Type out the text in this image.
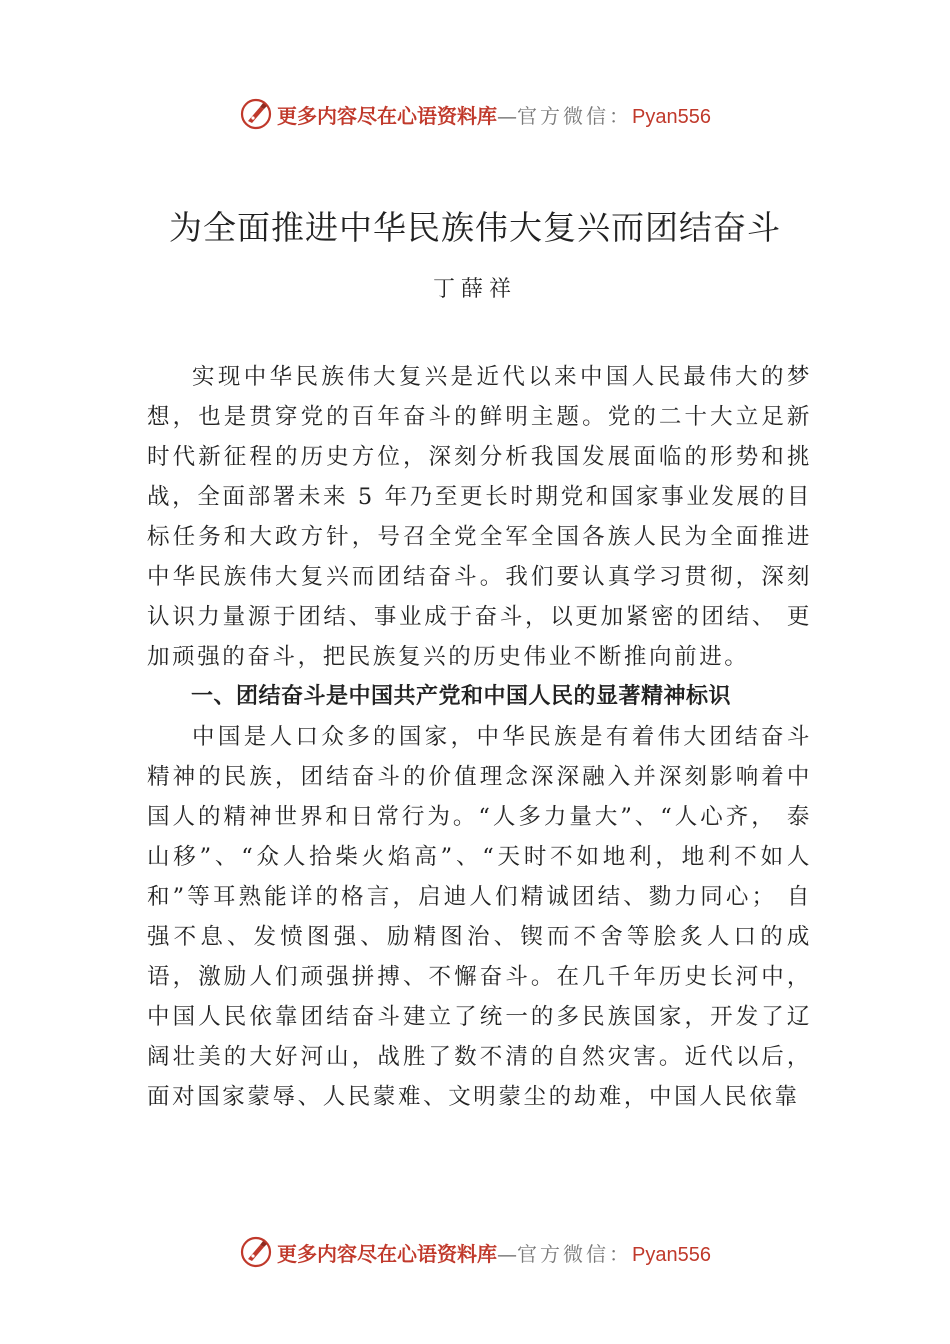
更多内容尽在心语资料库—官方微信：Pyan556
为全面推进中华民族伟大复兴而团结奋斗
丁薛祥

实现中华民族伟大复兴是近代以来中国人民最伟大的梦想，也是贯穿党的百年奋斗的鲜明主题。党的二十大立足新时代新征程的历史方位，深刻分析我国发展面临的形势和挑战，全面部署未来 5 年乃至更长时期党和国家事业发展的目标任务和大政方针，号召全党全军全国各族人民为全面推进中华民族伟大复兴而团结奋斗。我们要认真学习贯彻，深刻认识力量源于团结、事业成于奋斗，以更加紧密的团结、 更加顽强的奋斗，把民族复兴的历史伟业不断推向前进。

一、团结奋斗是中国共产党和中国人民的显著精神标识

中国是人口众多的国家，中华民族是有着伟大团结奋斗精神的民族，团结奋斗的价值理念深深融入并深刻影响着中国人的精神世界和日常行为。“人多力量大”、“人心齐， 泰山移”、“众人拾柴火焰高”、“天时不如地利，地利不如人和”等耳熟能详的格言，启迪人们精诚团结、勠力同心； 自强不息、发愤图强、励精图治、锲而不舍等脍炙人口的成语，激励人们顽强拼搏、不懈奋斗。在几千年历史长河中， 中国人民依靠团结奋斗建立了统一的多民族国家，开发了辽阔壮美的大好河山，战胜了数不清的自然灾害。近代以后， 面对国家蒙辱、人民蒙难、文明蒙尘的劫难，中国人民依靠

更多内容尽在心语资料库—官方微信：Pyan556
